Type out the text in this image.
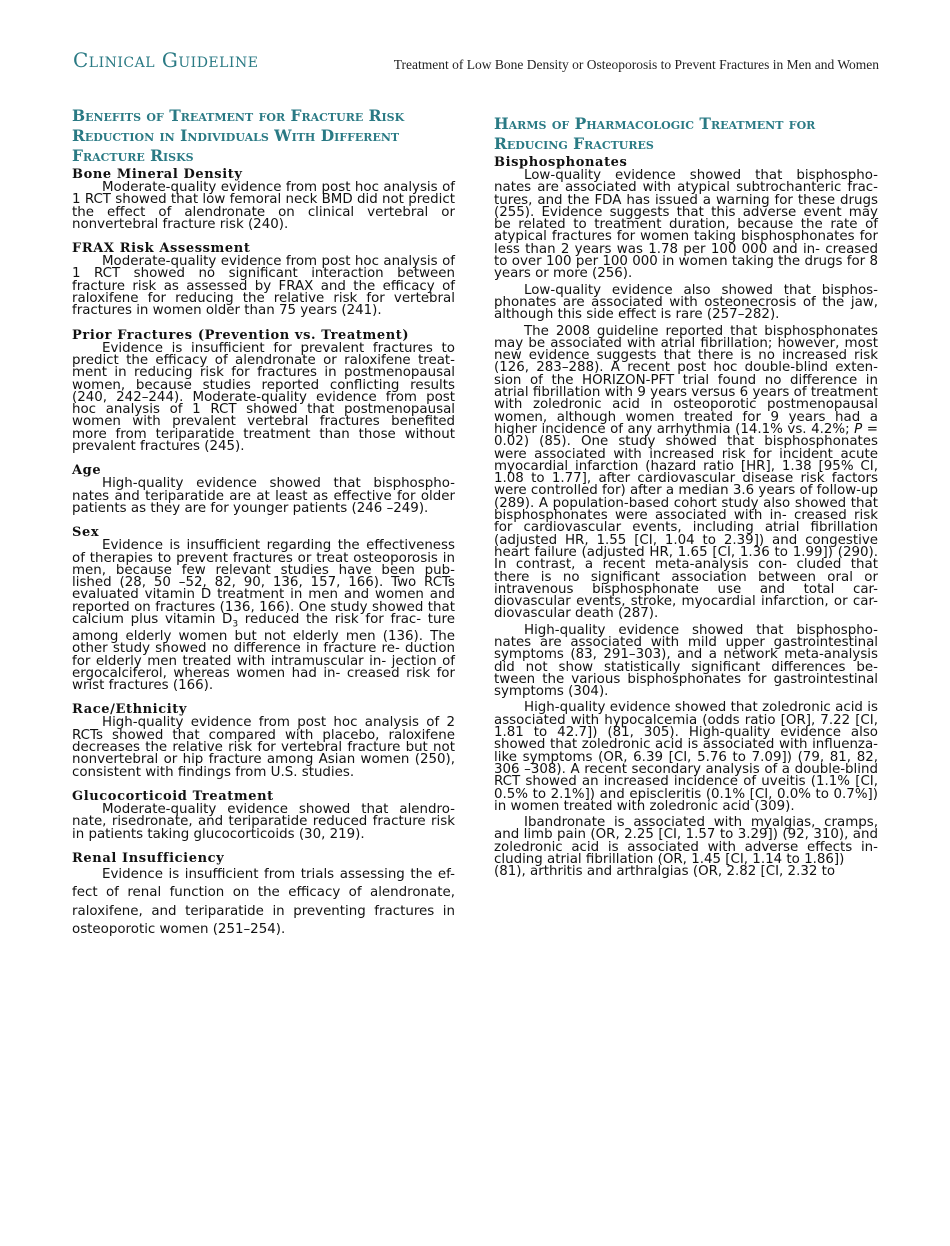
Clinical Guideline	Treatment of Low Bone Density or Osteoporosis to Prevent Fractures in Men and Women
Benefits of Treatment for Fracture Risk Reduction in Individuals With Different Fracture Risks
Bone Mineral Density

Moderate-quality evidence from post hoc analysis of 1 RCT showed that low femoral neck BMD did not predict the effect of alendronate on clinical vertebral or nonvertebral fracture risk (240).

FRAX Risk Assessment

Moderate-quality evidence from post hoc analysis of 1 RCT showed no significant interaction between fracture risk as assessed by FRAX and the efficacy of raloxifene for reducing the relative risk for vertebral fractures in women older than 75 years (241).

Prior Fractures (Prevention vs. Treatment)

Evidence is insufficient for prevalent fractures to predict the efficacy of alendronate or raloxifene treat- ment in reducing risk for fractures in postmenopausal women, because studies reported conflicting results (240, 242–244). Moderate-quality evidence from post hoc analysis of 1 RCT showed that postmenopausal women with prevalent vertebral fractures benefited more from teriparatide treatment than those without prevalent fractures (245).

Age

High-quality evidence showed that bisphospho- nates and teriparatide are at least as effective for older patients as they are for younger patients (246 –249).

Sex

Evidence is insufficient regarding the effectiveness of therapies to prevent fractures or treat osteoporosis in men, because few relevant studies have been pub- lished (28, 50 –52, 82, 90, 136, 157, 166). Two RCTs evaluated vitamin D treatment in men and women and reported on fractures (136, 166). One study showed that calcium plus vitamin $D_3$ reduced the risk for frac- ture among elderly women but not elderly men (136). The other study showed no difference in fracture re- duction for elderly men treated with intramuscular in- jection of ergocalciferol, whereas women had in- creased risk for wrist fractures (166).

Race/Ethnicity

High-quality evidence from post hoc analysis of 2 RCTs showed that compared with placebo, raloxifene decreases the relative risk for vertebral fracture but not nonvertebral or hip fracture among Asian women (250), consistent with findings from U.S. studies.

Glucocorticoid Treatment

Moderate-quality evidence showed that alendro- nate, risedronate, and teriparatide reduced fracture risk in patients taking glucocorticoids (30, 219).

Renal Insufficiency

Evidence is insufficient from trials assessing the ef- fect of renal function on the efficacy of alendronate, raloxifene, and teriparatide in preventing fractures in osteoporotic women (251–254).

Harms of Pharmacologic Treatment for Reducing Fractures
Bisphosphonates

Low-quality evidence showed that bisphospho- nates are associated with atypical subtrochanteric frac- tures, and the FDA has issued a warning for these drugs (255). Evidence suggests that this adverse event may be related to treatment duration, because the rate of atypical fractures for women taking bisphosphonates for less than 2 years was 1.78 per 100 000 and in- creased to over 100 per 100 000 in women taking the drugs for 8 years or more (256).

Low-quality evidence also showed that bisphos- phonates are associated with osteonecrosis of the jaw, although this side effect is rare (257–282).

The 2008 guideline reported that bisphosphonates may be associated with atrial fibrillation; however, most new evidence suggests that there is no increased risk (126, 283–288). A recent post hoc double-blind exten- sion of the HORIZON-PFT trial found no difference in atrial fibrillation with 9 years versus 6 years of treatment with zoledronic acid in osteoporotic postmenopausal women, although women treated for 9 years had a higher incidence of any arrhythmia (14.1% vs. 4.2%; P = 0.02) (85). One study showed that bisphosphonates were associated with increased risk for incident acute myocardial infarction (hazard ratio [HR], 1.38 [95% CI, 1.08 to 1.77], after cardiovascular disease risk factors were controlled for) after a median 3.6 years of follow-up (289). A population-based cohort study also showed that bisphosphonates were associated with in- creased risk for cardiovascular events, including atrial fibrillation (adjusted HR, 1.55 [CI, 1.04 to 2.39]) and congestive heart failure (adjusted HR, 1.65 [CI, 1.36 to 1.99]) (290). In contrast, a recent meta-analysis con- cluded that there is no significant association between oral or intravenous bisphosphonate use and total car- diovascular events, stroke, myocardial infarction, or car- diovascular death (287).

High-quality evidence showed that bisphospho- nates are associated with mild upper gastrointestinal symptoms (83, 291–303), and a network meta-analysis did not show statistically significant differences be- tween the various bisphosphonates for gastrointestinal symptoms (304).

High-quality evidence showed that zoledronic acid is associated with hypocalcemia (odds ratio [OR], 7.22 [CI, 1.81 to 42.7]) (81, 305). High-quality evidence also showed that zoledronic acid is associated with influenza-like symptoms (OR, 6.39 [CI, 5.76 to 7.09]) (79, 81, 82, 306 –308). A recent secondary analysis of a double-blind RCT showed an increased incidence of uveitis (1.1% [CI, 0.5% to 2.1%]) and episcleritis (0.1% [CI, 0.0% to 0.7%]) in women treated with zoledronic acid (309).

Ibandronate is associated with myalgias, cramps, and limb pain (OR, 2.25 [CI, 1.57 to 3.29]) (92, 310), and zoledronic acid is associated with adverse effects in- cluding atrial fibrillation (OR, 1.45 [CI, 1.14 to 1.86])

(81), arthritis and arthralgias (OR, 2.82 [CI, 2.32 to
